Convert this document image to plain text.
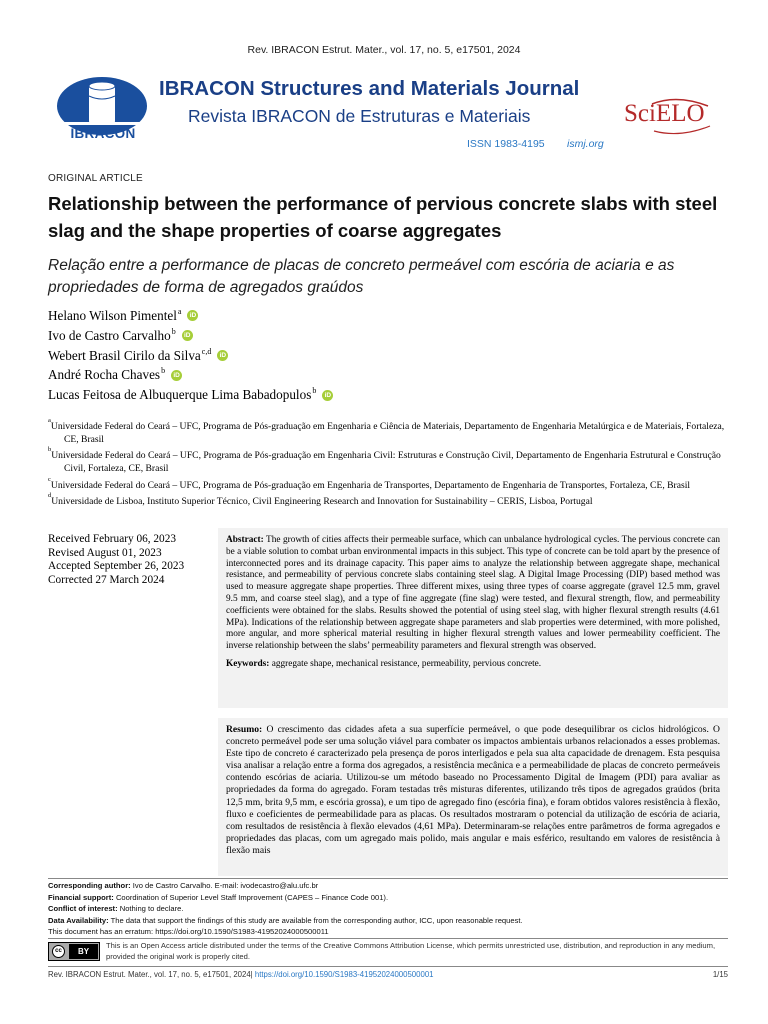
Rev. IBRACON Estrut. Mater., vol. 17, no. 5, e17501, 2024
IBRACON
IBRACON Structures and Materials Journal
Revista IBRACON de Estruturas e Materiais
ISSN 1983-4195 ismj.org
SciELO
ORIGINAL ARTICLE
Relationship between the performance of pervious concrete slabs with steel slag and the shape properties of coarse aggregates
Relação entre a performance de placas de concreto permeável com escória de aciaria e as propriedades de forma de agregados graúdos
Helano Wilson Pimentel$^a$	iD
Ivo de Castro Carvalho$^b$	iD
Webert Brasil Cirilo da Silva$^{c,d}$	iD
André Rocha Chaves$^b$	iD
Lucas Feitosa de Albuquerque Lima Babadopulos$^b$	iD
$^a$Universidade Federal do Ceará – UFC, Programa de Pós-graduação em Engenharia e Ciência de Materiais, Departamento de Engenharia Metalúrgica e de Materiais, Fortaleza, CE, Brasil
$^b$Universidade Federal do Ceará – UFC, Programa de Pós-graduação em Engenharia Civil: Estruturas e Construção Civil, Departamento de Engenharia Estrutural e Construção Civil, Fortaleza, CE, Brasil
$^c$Universidade Federal do Ceará – UFC, Programa de Pós-graduação em Engenharia de Transportes, Departamento de Engenharia de Transportes, Fortaleza, CE, Brasil
$^d$Universidade de Lisboa, Instituto Superior Técnico, Civil Engineering Research and Innovation for Sustainability – CERIS, Lisboa, Portugal
Received February 06, 2023
Revised August 01, 2023
Accepted September 26, 2023
Corrected 27 March 2024

Abstract: The growth of cities affects their permeable surface, which can unbalance hydrological cycles. The pervious concrete can be a viable solution to combat urban environmental impacts in this subject. This type of concrete can be told apart by the presence of interconnected pores and its drainage capacity. This paper aims to analyze the relationship between aggregate shape, mechanical resistance, and permeability of pervious concrete slabs containing steel slag. A Digital Image Processing (DIP) based method was used to measure aggregate shape properties. Three different mixes, using three types of coarse aggregate (gravel 12.5 mm, gravel 9.5 mm, and coarse steel slag), and a type of fine aggregate (fine slag) were tested, and flexural strength, flow, and permeability coefficients were obtained for the slabs. Results showed the potential of using steel slag, with higher flexural strength results (4.61 MPa). Indications of the relationship between aggregate shape parameters and slab properties were determined, with more polished, more angular, and more spherical material resulting in higher flexural strength values and lower permeability coefficient. The inverse relationship between the slabs’ permeability parameters and flexural strength was observed.

Keywords: aggregate shape, mechanical resistance, permeability, pervious concrete.

Resumo: O crescimento das cidades afeta a sua superfície permeável, o que pode desequilibrar os ciclos hidrológicos. O concreto permeável pode ser uma solução viável para combater os impactos ambientais urbanos relacionados a esses problemas. Este tipo de concreto é caracterizado pela presença de poros interligados e pela sua alta capacidade de drenagem. Esta pesquisa visa analisar a relação entre a forma dos agregados, a resistência mecânica e a permeabilidade de placas de concreto permeáveis contendo escórias de aciaria. Utilizou-se um método baseado no Processamento Digital de Imagem (PDI) para avaliar as propriedades da forma do agregado. Foram testadas três misturas diferentes, utilizando três tipos de agregados graúdos (brita 12,5 mm, brita 9,5 mm, e escória grossa), e um tipo de agregado fino (escória fina), e foram obtidos valores resistência à flexão, fluxo e coeficientes de permeabilidade para as placas. Os resultados mostraram o potencial da utilização de escória de aciaria, com resultados de resistência à flexão elevados (4,61 MPa). Determinaram-se relações entre parâmetros de forma agregados e propriedades das placas, com um agregado mais polido, mais angular e mais esférico, resultando em valores de resistência à flexão mais

Corresponding author: Ivo de Castro Carvalho. E-mail: ivodecastro@alu.ufc.br
Financial support: Coordination of Superior Level Staff Improvement (CAPES – Finance Code 001).
Conflict of interest: Nothing to declare.
Data Availability: The data that support the findings of this study are available from the corresponding author, ICC, upon reasonable request.
This document has an erratum: https://doi.org/10.1590/S1983-41952024000500011
cc	BY
This is an Open Access article distributed under the terms of the Creative Commons Attribution License, which permits unrestricted use, distribution, and reproduction in any medium, provided the original work is properly cited.
Rev. IBRACON Estrut. Mater., vol. 17, no. 5, e17501, 2024| https://doi.org/10.1590/S1983-41952024000500001	1/15
